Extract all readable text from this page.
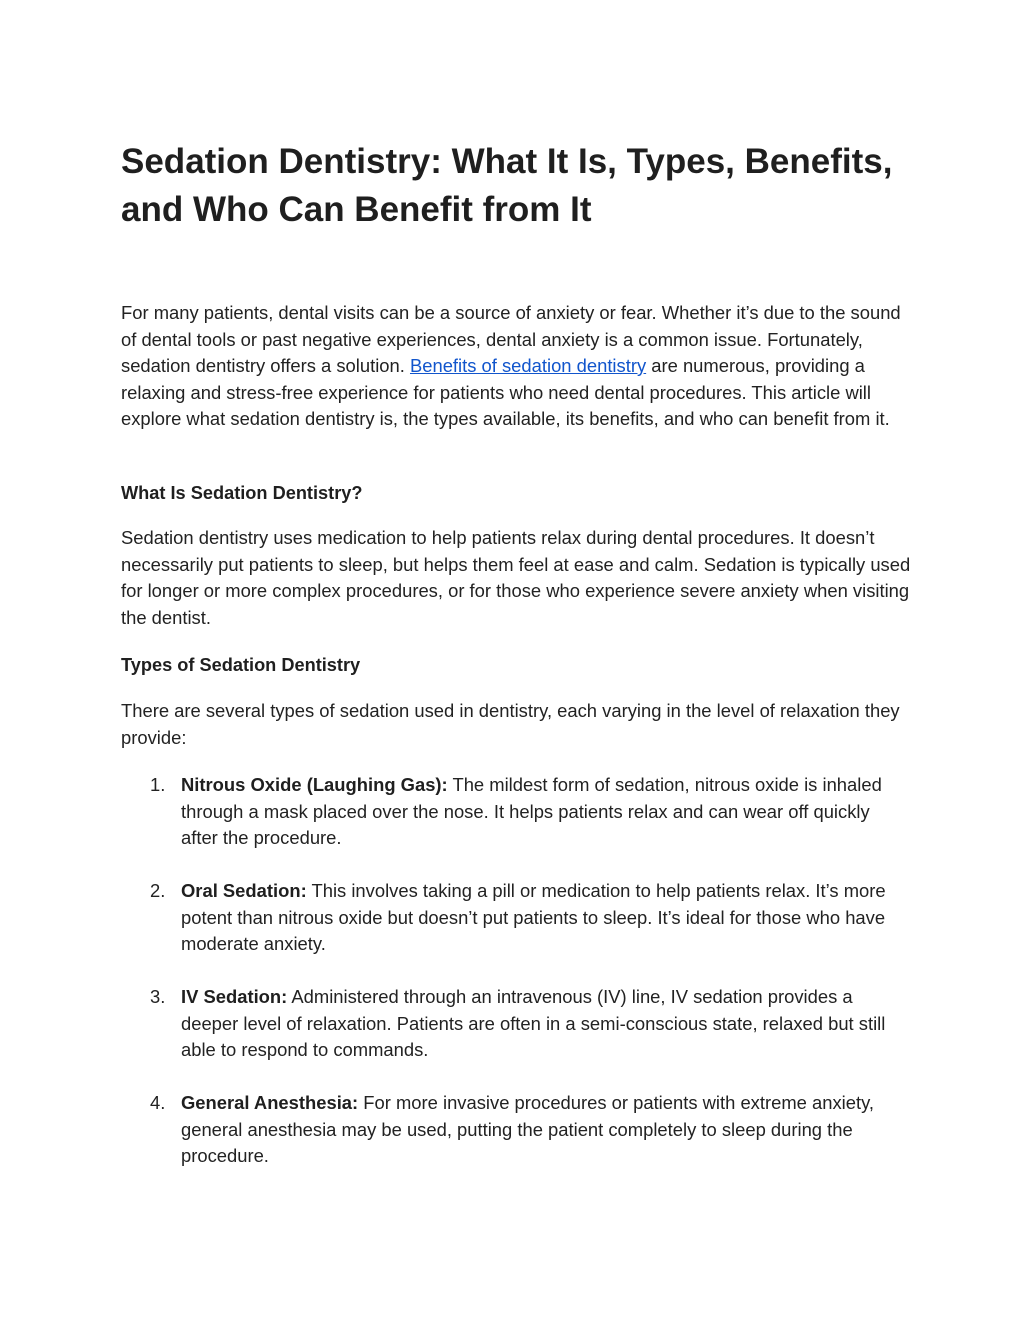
Sedation Dentistry: What It Is, Types, Benefits, and Who Can Benefit from It

For many patients, dental visits can be a source of anxiety or fear. Whether it’s due to the sound of dental tools or past negative experiences, dental anxiety is a common issue. Fortunately, sedation dentistry offers a solution. Benefits of sedation dentistry are numerous, providing a relaxing and stress-free experience for patients who need dental procedures. This article will explore what sedation dentistry is, the types available, its benefits, and who can benefit from it.

What Is Sedation Dentistry?

Sedation dentistry uses medication to help patients relax during dental procedures. It doesn’t necessarily put patients to sleep, but helps them feel at ease and calm. Sedation is typically used for longer or more complex procedures, or for those who experience severe anxiety when visiting the dentist.

Types of Sedation Dentistry

There are several types of sedation used in dentistry, each varying in the level of relaxation they provide:

1. Nitrous Oxide (Laughing Gas): The mildest form of sedation, nitrous oxide is inhaled through a mask placed over the nose. It helps patients relax and can wear off quickly after the procedure.

2. Oral Sedation: This involves taking a pill or medication to help patients relax. It’s more potent than nitrous oxide but doesn’t put patients to sleep. It’s ideal for those who have moderate anxiety.

3. IV Sedation: Administered through an intravenous (IV) line, IV sedation provides a deeper level of relaxation. Patients are often in a semi-conscious state, relaxed but still able to respond to commands.

4. General Anesthesia: For more invasive procedures or patients with extreme anxiety, general anesthesia may be used, putting the patient completely to sleep during the procedure.
